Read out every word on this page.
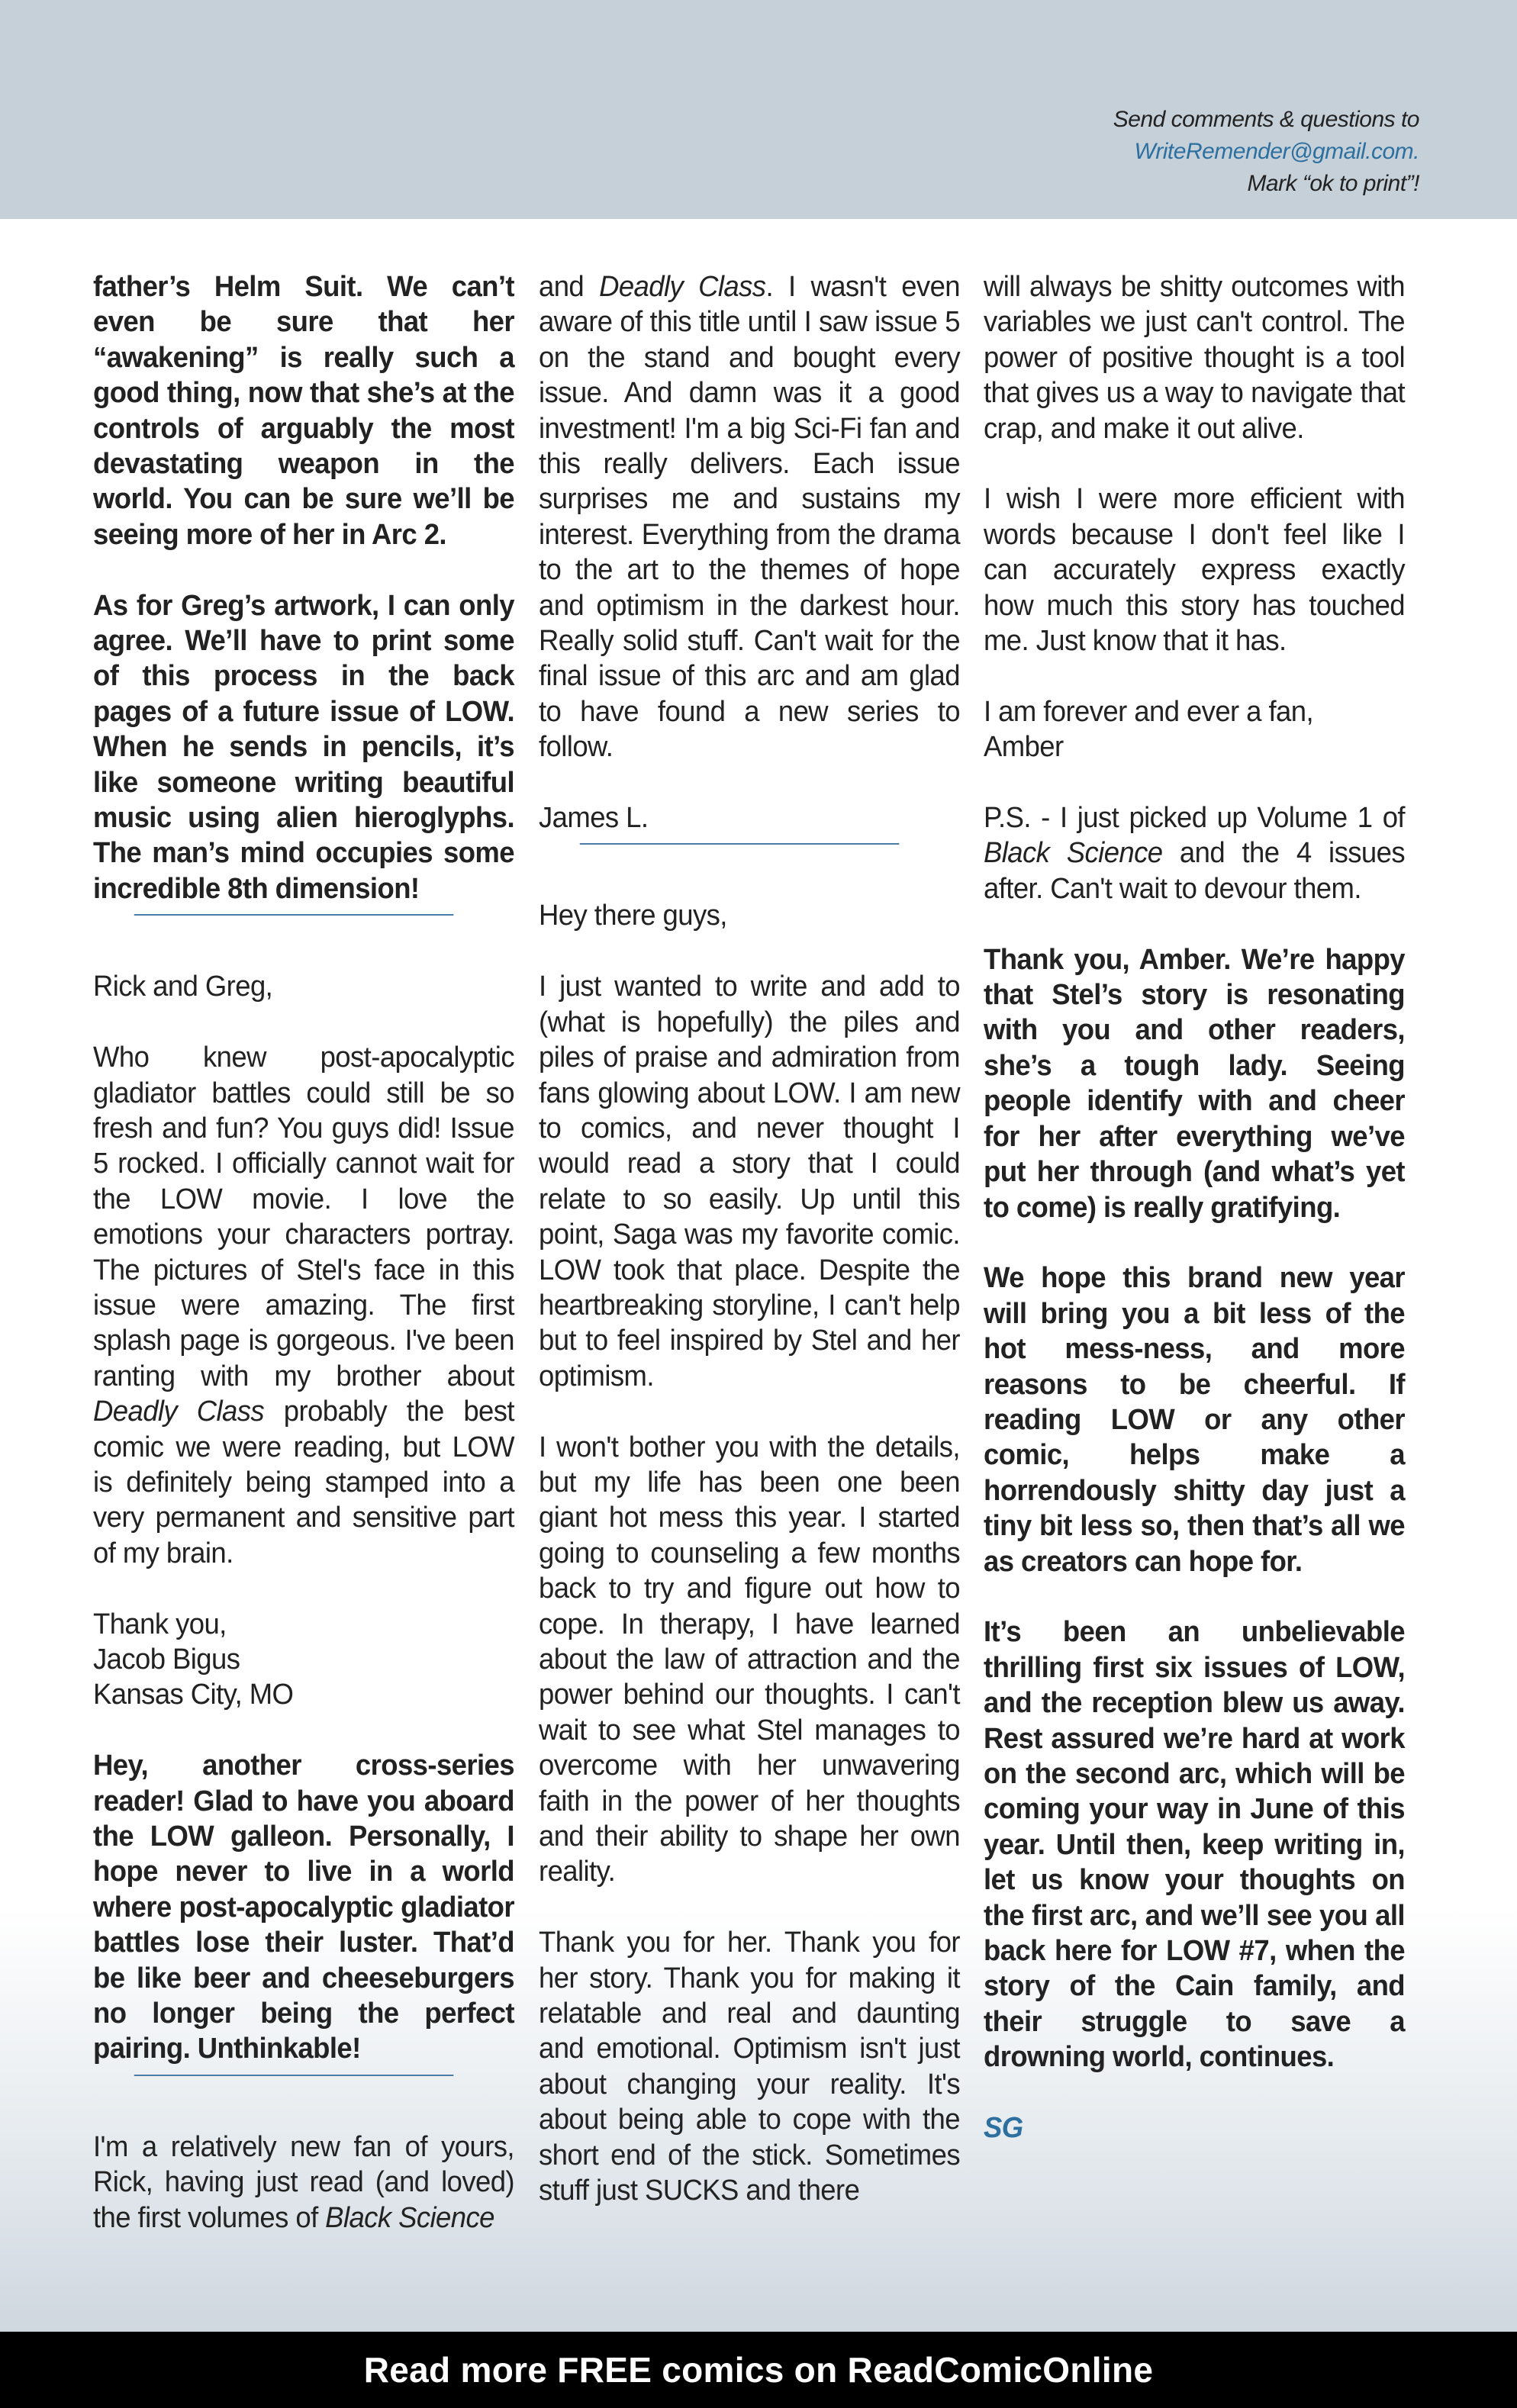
Send comments & questions to
WriteRemender@gmail.com.
Mark “ok to print”!

father’s Helm Suit. We can’t even be sure that her “awakening” is really such a good thing, now that she’s at the controls of arguably the most devastating weapon in the world. You can be sure we’ll be seeing more of her in Arc 2.

As for Greg’s artwork, I can only agree. We’ll have to print some of this process in the back pages of a future issue of LOW. When he sends in pencils, it’s like someone writing beautiful music using alien hieroglyphs. The man’s mind occupies some incredible 8th dimension!

Rick and Greg,

Who knew post-apocalyptic gladiator battles could still be so fresh and fun? You guys did! Issue 5 rocked. I officially cannot wait for the LOW movie. I love the emotions your characters portray. The pictures of Stel's face in this issue were amazing. The first splash page is gorgeous. I've been ranting with my brother about Deadly Class probably the best comic we were reading, but LOW is definitely being stamped into a very permanent and sensitive part of my brain.

Thank you,
Jacob Bigus
Kansas City, MO

Hey, another cross-series reader! Glad to have you aboard the LOW galleon. Personally, I hope never to live in a world where post-apocalyptic gladiator battles lose their luster. That’d be like beer and cheeseburgers no longer being the perfect pairing. Unthinkable!

I'm a relatively new fan of yours, Rick, having just read (and loved) the first volumes of Black Science

and Deadly Class. I wasn't even aware of this title until I saw issue 5 on the stand and bought every issue. And damn was it a good investment! I'm a big Sci-Fi fan and this really delivers. Each issue surprises me and sustains my interest. Everything from the drama to the art to the themes of hope and optimism in the darkest hour. Really solid stuff. Can't wait for the final issue of this arc and am glad to have found a new series to follow.

James L.

Hey there guys,

I just wanted to write and add to (what is hopefully) the piles and piles of praise and admiration from fans glowing about LOW. I am new to comics, and never thought I would read a story that I could relate to so easily. Up until this point, Saga was my favorite comic. LOW took that place. Despite the heartbreaking storyline, I can't help but to feel inspired by Stel and her optimism.

I won't bother you with the details, but my life has been one been giant hot mess this year. I started going to counseling a few months back to try and figure out how to cope. In therapy, I have learned about the law of attraction and the power behind our thoughts. I can't wait to see what Stel manages to overcome with her unwavering faith in the power of her thoughts and their ability to shape her own reality.

Thank you for her. Thank you for her story. Thank you for making it relatable and real and daunting and emotional. Optimism isn't just about changing your reality. It's about being able to cope with the short end of the stick. Sometimes stuff just SUCKS and there

will always be shitty outcomes with variables we just can't control. The power of positive thought is a tool that gives us a way to navigate that crap, and make it out alive.

I wish I were more efficient with words because I don't feel like I can accurately express exactly how much this story has touched me. Just know that it has.

I am forever and ever a fan,
Amber

P.S. - I just picked up Volume 1 of Black Science and the 4 issues after. Can't wait to devour them.

Thank you, Amber. We’re happy that Stel’s story is resonating with you and other readers, she’s a tough lady. Seeing people identify with and cheer for her after everything we’ve put her through (and what’s yet to come) is really gratifying.

We hope this brand new year will bring you a bit less of the hot mess-ness, and more reasons to be cheerful. If reading LOW or any other comic, helps make a horrendously shitty day just a tiny bit less so, then that’s all we as creators can hope for.

It’s been an unbelievable thrilling first six issues of LOW, and the reception blew us away. Rest assured we’re hard at work on the second arc, which will be coming your way in June of this year. Until then, keep writing in, let us know your thoughts on the first arc, and we’ll see you all back here for LOW #7, when the story of the Cain family, and their struggle to save a drowning world, continues.

SG

Read more FREE comics on ReadComicOnline
